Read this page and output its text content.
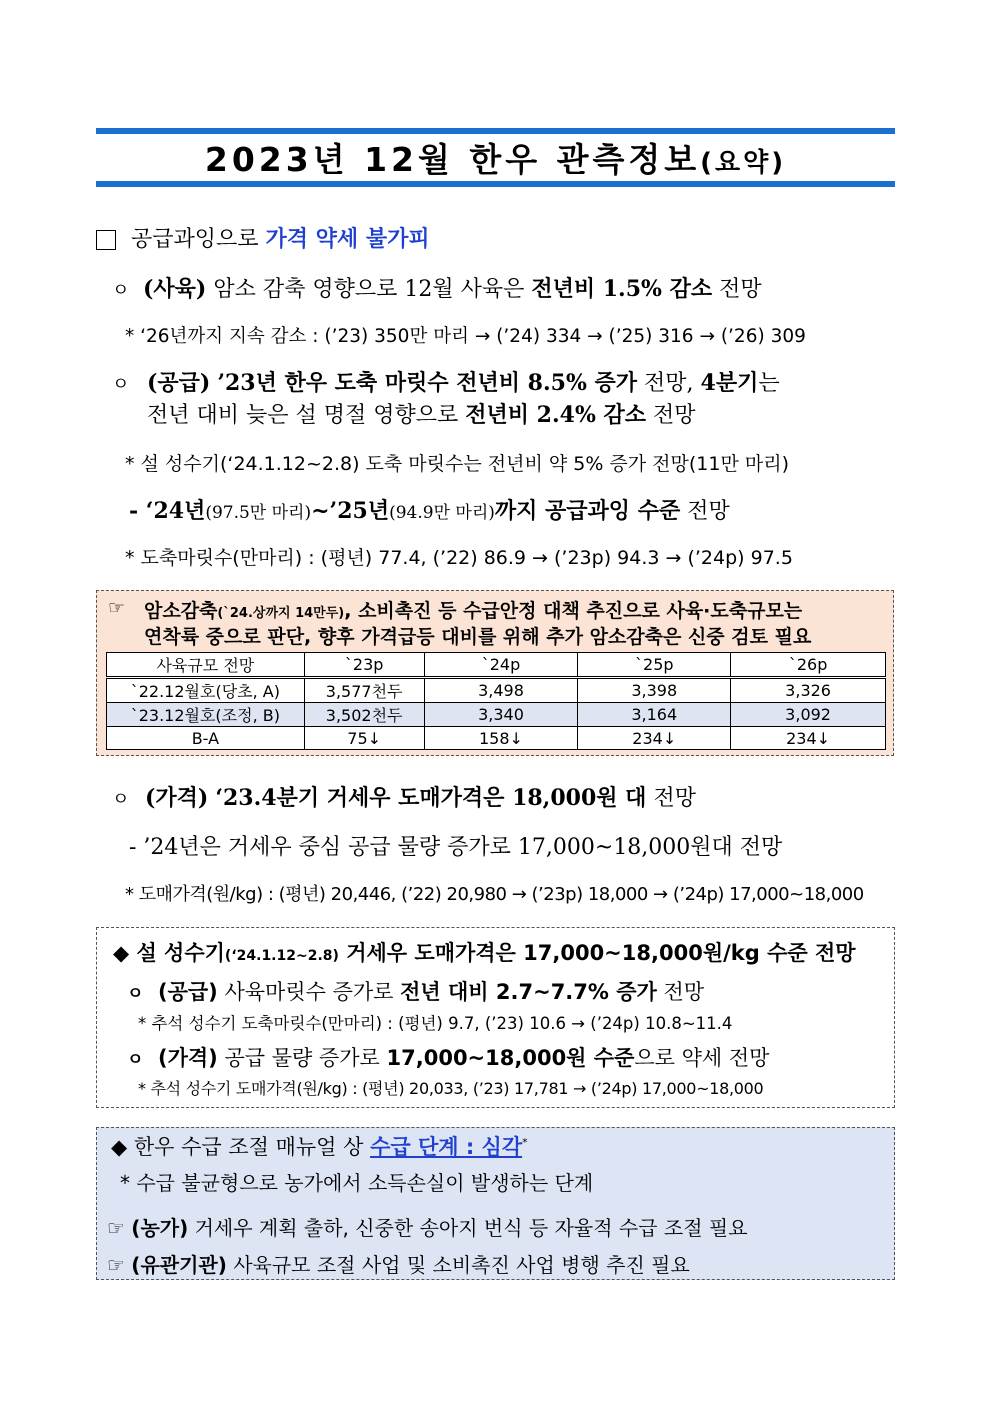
2023년 12월 한우 관측정보(요약)
공급과잉으로 가격 약세 불가피
ㅇ (사육) 암소 감축 영향으로 12월 사육은 전년비 1.5% 감소 전망
* ‘26년까지 지속 감소 : (’23) 350만 마리 → (’24) 334 → (’25) 316 → (’26) 309
ㅇ (공급) ’23년 한우 도축 마릿수 전년비 8.5% 증가 전망, 4분기는
전년 대비 늦은 설 명절 영향으로 전년비 2.4% 감소 전망
* 설 성수기(‘24.1.12~2.8) 도축 마릿수는 전년비 약 5% 증가 전망(11만 마리)
- ‘24년(97.5만 마리)~’25년(94.9만 마리)까지 공급과잉 수준 전망
* 도축마릿수(만마리) : (평년) 77.4, (’22) 86.9 → (’23p) 94.3 → (’24p) 97.5
☞ 암소감축(`24.상까지 14만두), 소비촉진 등 수급안정 대책 추진으로 사육·도축규모는
연착륙 중으로 판단, 향후 가격급등 대비를 위해 추가 암소감축은 신중 검토 필요
사육규모 전망	`23p	`24p	`25p	`26p
`22.12월호(당초, A)	3,577천두	3,498	3,398	3,326
`23.12월호(조정, B)	3,502천두	3,340	3,164	3,092
B-A	75↓	158↓	234↓	234↓
ㅇ (가격) ‘23.4분기 거세우 도매가격은 18,000원 대 전망
- ’24년은 거세우 중심 공급 물량 증가로 17,000~18,000원대 전망
* 도매가격(원/kg) : (평년) 20,446, (’22) 20,980 → (’23p) 18,000 → (’24p) 17,000~18,000
◆ 설 성수기(‘24.1.12~2.8) 거세우 도매가격은 17,000~18,000원/kg 수준 전망
ㅇ (공급) 사육마릿수 증가로 전년 대비 2.7~7.7% 증가 전망
* 추석 성수기 도축마릿수(만마리) : (평년) 9.7, (’23) 10.6 → (’24p) 10.8~11.4
ㅇ (가격) 공급 물량 증가로 17,000~18,000원 수준으로 약세 전망
* 추석 성수기 도매가격(원/kg) : (평년) 20,033, (’23) 17,781 → (’24p) 17,000~18,000
◆ 한우 수급 조절 매뉴얼 상 수급 단계 : 심각*
* 수급 불균형으로 농가에서 소득손실이 발생하는 단계
☞ (농가) 거세우 계획 출하, 신중한 송아지 번식 등 자율적 수급 조절 필요
☞ (유관기관) 사육규모 조절 사업 및 소비촉진 사업 병행 추진 필요
